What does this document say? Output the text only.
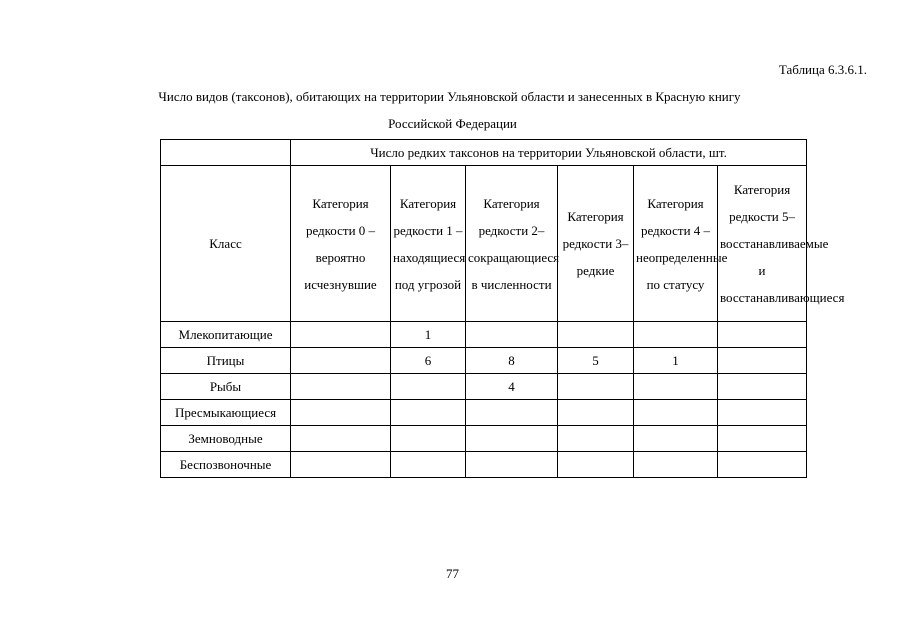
Таблица 6.3.6.1.
Число видов (таксонов), обитающих на территории Ульяновской области и занесенных в Красную книгу
Российской Федерации
	Число редких таксонов на территории Ульяновской области, шт.					
Класс	Категория редкости 0 – вероятно исчезнувшие	Категория редкости 1 – находящиеся под угрозой	Категория редкости 2– сокращающиеся в численности	Категория редкости 3– редкие	Категория редкости 4 – неопределенные по статусу	Категория редкости 5– восстанавливаемые и восстанавливающиеся
Млекопитающие		1				
Птицы		6	8	5	1	
Рыбы			4			
Пресмыкающиеся						
Земноводные						
Беспозвоночные						
77
